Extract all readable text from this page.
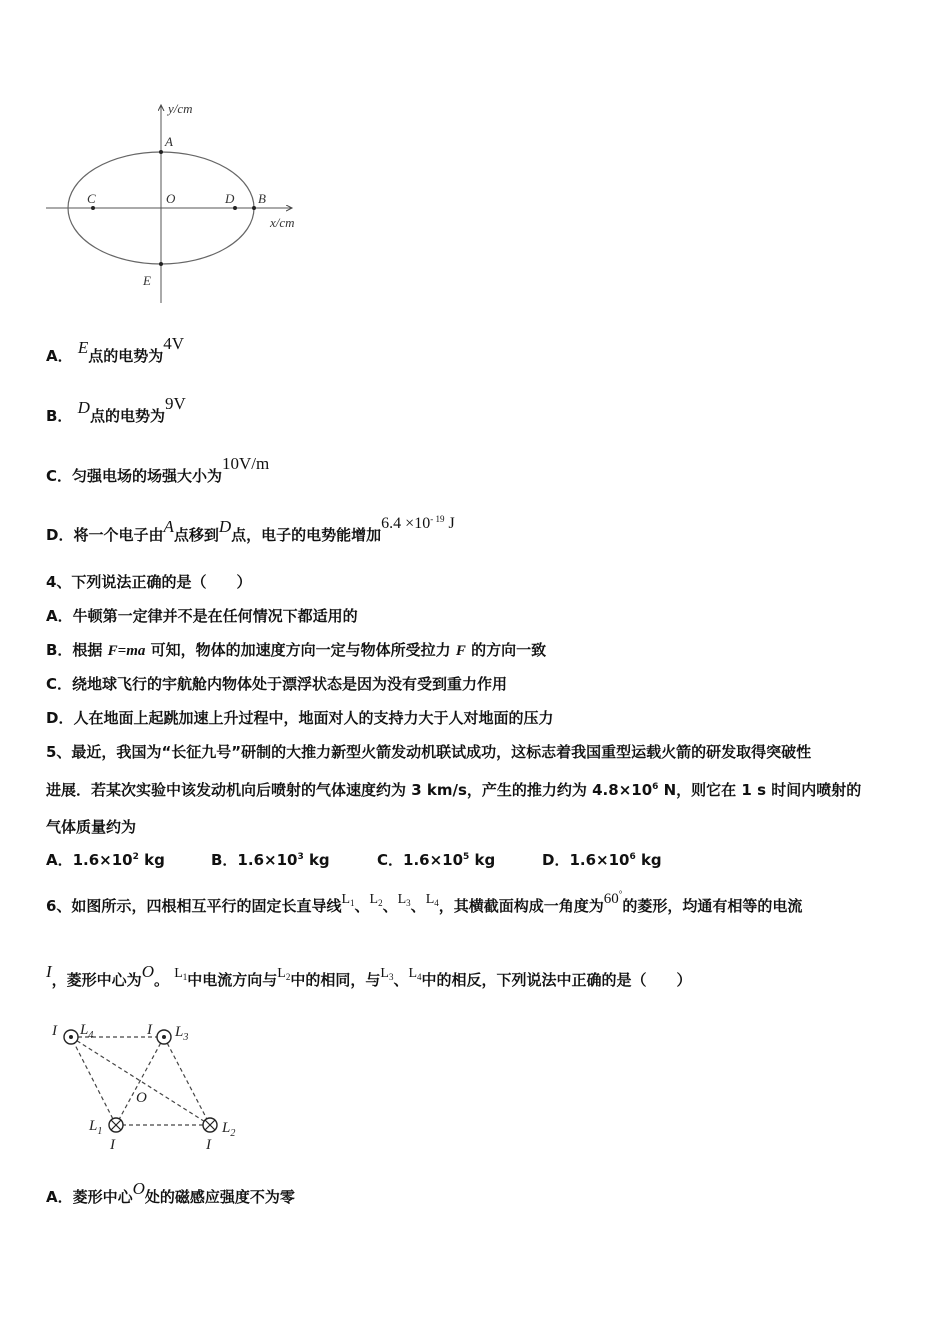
y/cm
x/cm
A
C	O	D B
E
A． E点的电势为4V
B． D点的电势为9V
C．匀强电场的场强大小为10V/m
D．将一个电子由A点移到D点，电子的电势能增加$6.4 \times 10^{- 19}$ J
4、下列说法正确的是（　　）
A．牛顿第一定律并不是在任何情况下都适用的
B．根据 F=ma 可知，物体的加速度方向一定与物体所受拉力 F 的方向一致
C．绕地球飞行的宇航舱内物体处于漂浮状态是因为没有受到重力作用
D．人在地面上起跳加速上升过程中，地面对人的支持力大于人对地面的压力
5、最近，我国为“长征九号”研制的大推力新型火箭发动机联试成功，这标志着我国重型运载火箭的研发取得突破性
进展．若某次实验中该发动机向后喷射的气体速度约为 3 km/s，产生的推力约为 $4.8\times 10^6$ N，则它在 1 s 时间内喷射的
气体质量约为
A．$1.6\times 10^2$ kg	B．$1.6\times 10^3$ kg	C．$1.6\times 10^5$ kg	D．$1.6\times 10^6$ kg
6、如图所示，四根相互平行的固定长直导线$L_1$、$L_2$、$L_3$、$L_4$，其横截面构成一角度为60°的菱形，均通有相等的电流
I，菱形中心为O。 $L_1$中电流方向与$L_2$中的相同，与$L_3$、$L_4$中的相反，下列说法中正确的是（　　）
I $L_4$	I $L_3$
O
$L_1$
I
$L_2$
I
A．菱形中心O处的磁感应强度不为零
